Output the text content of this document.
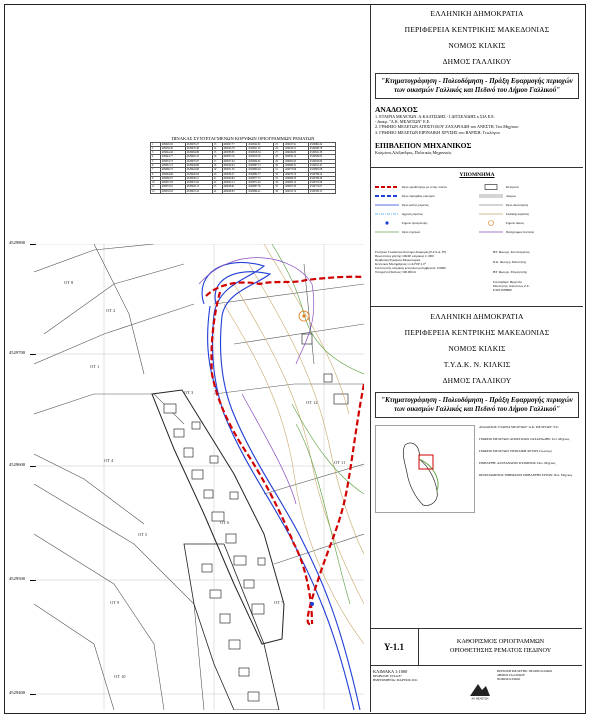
ΠΙΝΑΚΑΣ ΣΥΝΤΕΤΑΓΜΕΝΩΝ ΚΟΡΥΦΩΝ ΟΡΙΟΓΡΑΜΜΩΝ ΡΕΜΑΤΩΝ
1	409020.02	4529976.27	13	409047.77	4529922.61	25	409047.91	4529862.24
2	409058.40	4529970.48	14	409045.76	4529921.45	26	409043.51	4529848.78
3	409044.46	4529964.86	15	409038.85	4529918.34	27	409049.82	4529841.30
4	409044.77	4529962.10	16	409033.16	4529910.29	28	409059.12	4529829.03
5	409053.73	4529955.07	17	409027.04	4529904.81	29	409062.05	4529818.84
6	409061.15	4529949.86	18	409029.43	4529897.13	30	409068.31	4529812.47
7	409066.72	4529944.68	19	409031.30	4529890.40	31	409073.96	4529805.08
8	409064.86	4529940.04	20	409036.27	4529882.77	32	409079.70	4529796.52
9	409060.97	4529936.21	21	409040.84	4529877.15	33	409086.33	4529788.28
10	409057.83	4529931.92	22	409043.15	4529871.92	34	409093.12	4529781.90
11	409053.81	4529928.13	23	409046.91	4529867.36	35	409097.33	4529774.07
12	409050.93	4529925.24	24	409048.63	4529864.41	36	409102.74	4529766.15
4529800
4529700
4529600
4529500
4529400
ΟΤ 2
ΟΤ 1
ΟΤ 4
ΟΤ 5
ΟΤ 9
ΟΤ 10
ΟΤ 6
ΟΤ 7
ΟΤ 12
ΟΤ 11
ΟΤ 3
ΟΤ 8
ΕΛΛΗΝΙΚΗ ΔΗΜΟΚΡΑΤΙΑ
ΠΕΡΙΦΕΡΕΙΑ ΚΕΝΤΡΙΚΗΣ ΜΑΚΕΔΟΝΙΑΣ
ΝΟΜΟΣ ΚΙΛΚΙΣ
ΔΗΜΟΣ ΓΑΛΛΙΚΟΥ
"Κτηματογράφηση - Πολεοδόμηση - Πράξη Εφαρμογής περιοχών των οικισμών Γαλλικός και Πεδινό του Δήμου Γαλλικού"
ΑΝΑΔΟΧΟΣ
1. ΕΤΑΙΡΙΑ ΜΕΛΕΤΩΝ: Α.ΚΑΛΤΣΙΔΗΣ - Ι.ΔΙΤΣΕΛΙΔΗΣ κ ΣΙΑ Ε.Ε.
- διακρ. "Α.Κ. ΜΕΛΕΤΩΝ" Ε.Ε.
2. ΓΡΑΦΕΙΟ ΜΕΛΕΤΩΝ ΑΠΟΣΤΟΛΟΥ ΖΑΧΑΡΙΑΔΗ του ΑΝΕΣΤΗ, Τοπ.Μηχ/κου
3. ΓΡΑΦΕΙΟ ΜΕΛΕΤΩΝ ΕΙΡΙΝΑΙΚΗ ΧΡΥΣΗΣ του ΒΑΡΙΣΗ, Γεωλόγου
ΕΠΙΒΛΕΠΟΝ ΜΗΧΑΝΙΚΟΣ
Κυσμίνος Αλέξανδρος, Πολιτικός Μηχανικός
ΥΠΟΜΝΗΜΑ
Όριο οριοθέτησης με ιστόρ. πλάτος
Όριο παρόχθιας οικισμού
Όριο κοίτης ρέματος
Άξονας ρέματος
Σημείο προσρέυσης
Ορίο τεχνικού
Κτίσματα
Δρόμος
Όριο ιδιοκτησίας
Ισοϋψής καμπύλη
Σημείο ύψους
Περίγραμμα πλατείας
Ελληνικό Γεωδαιτικό Σύστημα Αναφοράς (Ε.Γ.Σ.Α. 87)
Πρωτότυπος χάρτης: ΟΚΧΕ κλίμακας 1:1000
Πρόβλεψη Εγκάρσια Μερκατορική
Κεντρικός Μεσημβρινός: λ=24°00' ή 0°
Συντελεστής κλίμακας κεντρικού μεσημβρινού: 0,9996
Τεταγμένη Πλάτους: 500.000 m
Η/Γ Φωτογρ. Συντεταγμένες
Π.Κ. Φωτογρ. Μελετητής
Η/Γ Φωτογρ. Επιμετρητής
Συντάχθηκε: Ημερ/νία
Μελετητής: Απόστολος Ζ.Ζ.
ΕΛΕΓΧΘΗΚΕ
ΕΛΛΗΝΙΚΗ ΔΗΜΟΚΡΑΤΙΑ
ΠΕΡΙΦΕΡΕΙΑ ΚΕΝΤΡΙΚΗΣ ΜΑΚΕΔΟΝΙΑΣ
ΝΟΜΟΣ ΚΙΛΚΙΣ
Τ.Υ.Δ.Κ. Ν. ΚΙΛΚΙΣ
ΔΗΜΟΣ ΓΑΛΛΙΚΟΥ
"Κτηματογράφηση - Πολεοδόμηση - Πράξη Εφαρμογής περιοχών των οικισμών Γαλλικός και Πεδινό του Δήμου Γαλλικού"
ΑΝΑΔΟΧΟΣ: ΕΤΑΙΡΙΑ ΜΕΛΕΤΩΝ "Α.Κ. ΜΕΛΕΤΩΝ" Ε.Ε.
ΓΡΑΦΕΙΟ ΜΕΛΕΤΩΝ: ΑΠΟΣΤΟΛΟΣ ΖΑΧΑΡΙΑΔΗΣ, Τοπ. Μηχ/κος
ΓΡΑΦΕΙΟ ΜΕΛΕΤΩΝ: ΕΙΡΙΝΑΙΚΗ ΧΡΥΣΗ, Γεωλόγος
ΕΠΙΒΛΕΨΗ: ΑΛΕΞΑΝΔΡΟΣ ΚΥΣΜΙΝΟΣ, Πολ. Μηχ/κος
ΠΡΟΙΣΤΑΜΕΝΟΣ ΤΜΗΜΑΤΟΣ ΕΠΙΒΛΕΨΗΣ ΕΡΓΩΝ: Πολ. Μηχ/κος
Υ-1.1
ΚΑΘΟΡΙΣΜΟΣ ΟΡΙΟΓΡΑΜΜΩΝ
ΟΡΙΟΘΕΤΗΣΗΣ ΡΕΜΑΤΟΣ ΠΕΔΙΝΟΥ
ΚΛΙΜΑΚΑ 1:1000
ΠΡΟΒΟΛΗ: ΕΓΣΑ 87
ΗΜΕΡΟΜΗΝΙΑ: ΜΑΡΤΙΟΣ 2011
ΑΚ ΜΕΛΕΤΩΝ
ΠΕΡΙΟΧΗ ΜΕΛΕΤΗΣ: ΠΕΔΙΝΟ ΚΙΛΚΙΣ
ΔΗΜΟΣ ΓΑΛΛΙΚΟΥ
ΝΟΜΟΣ ΚΙΛΚΙΣ
